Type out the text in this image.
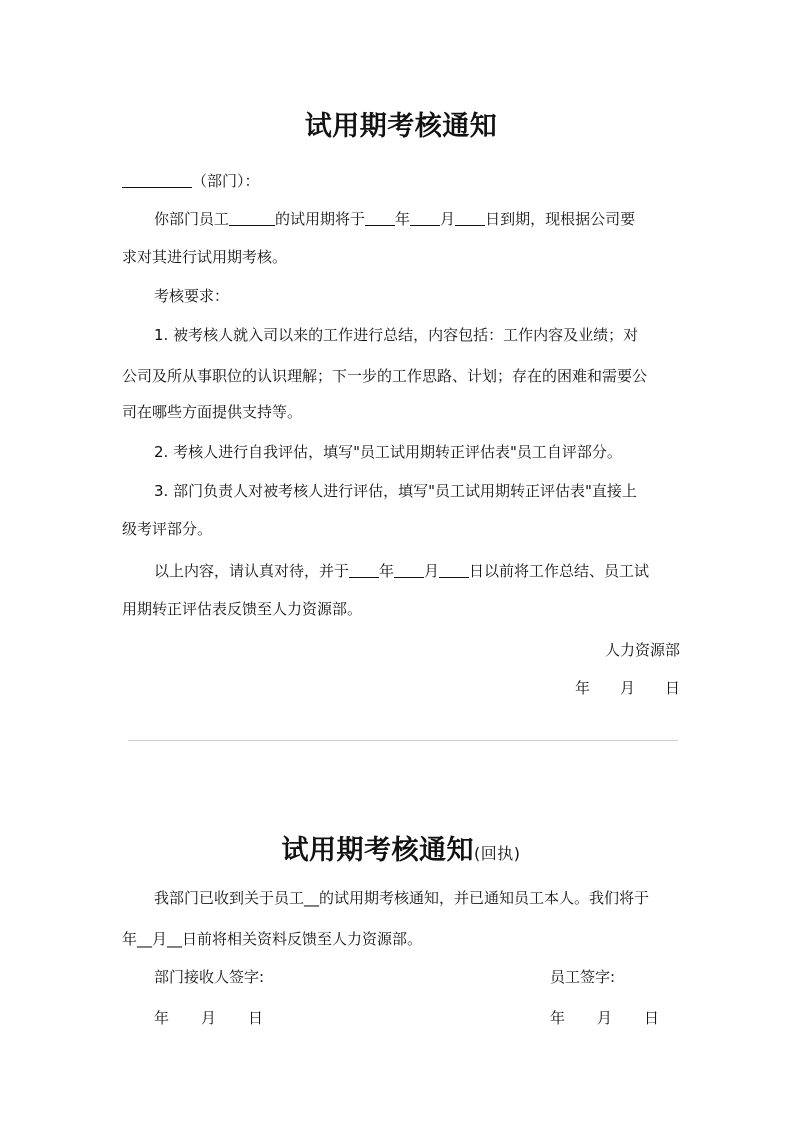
试用期考核通知
（部门）：
你部门员工	的试用期将于 年 月 日到期，现根据公司要
求对其进行试用期考核。
考核要求：
1. 被考核人就入司以来的工作进行总结，内容包括：工作内容及业绩；对
公司及所从事职位的认识理解；下一步的工作思路、计划；存在的困难和需要公
司在哪些方面提供支持等。
2. 考核人进行自我评估，填写"员工试用期转正评估表"员工自评部分。
3. 部门负责人对被考核人进行评估，填写"员工试用期转正评估表"直接上
级考评部分。
以上内容，请认真对待，并于 年 月 日以前将工作总结、员工试
用期转正评估表反馈至人力资源部。
人力资源部
年 月 日
试用期考核通知(回执)
我部门已收到关于员工__的试用期考核通知，并已通知员工本人。我们将于
年__月__日前将相关资料反馈至人力资源部。
部门接收人签字:	员工签字:
年 月 日	年 月 日
